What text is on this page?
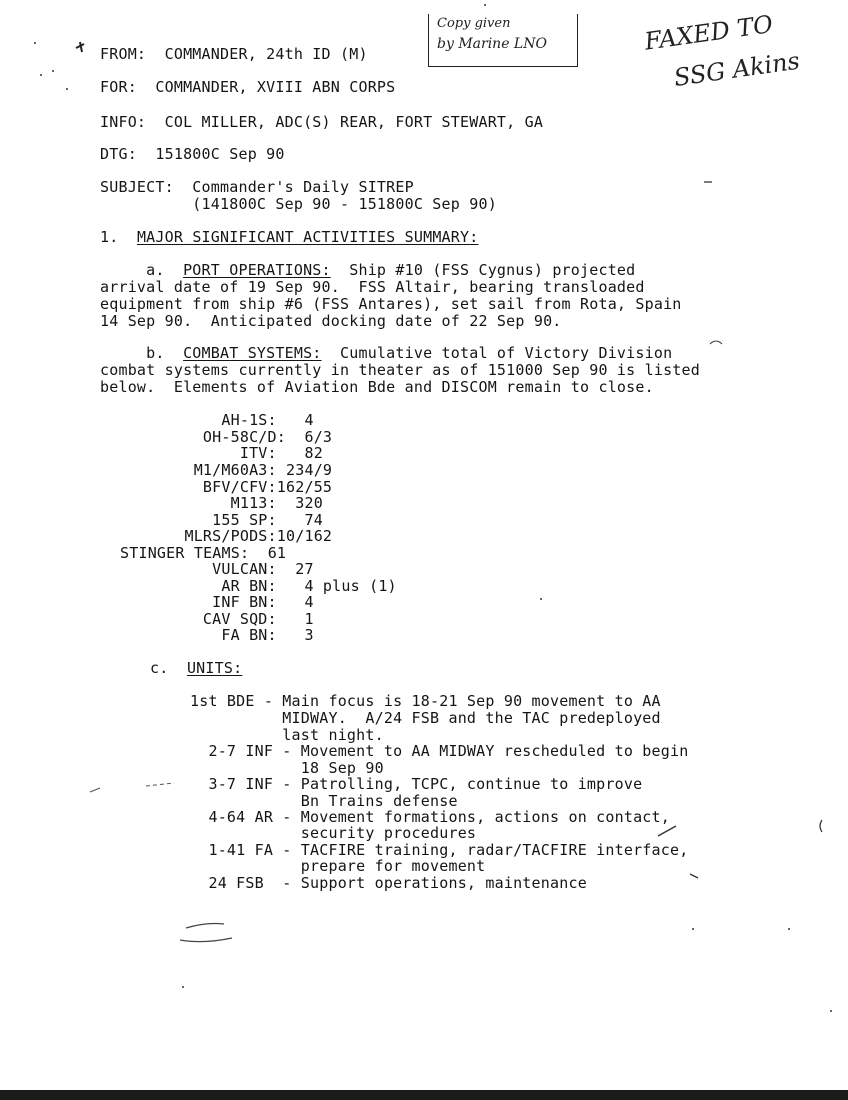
FROM:  COMMANDER, 24th ID (M)
FOR:  COMMANDER, XVIII ABN CORPS
INFO:  COL MILLER, ADC(S) REAR, FORT STEWART, GA
DTG:  151800C Sep 90
SUBJECT:  Commander's Daily SITREP
(141800C Sep 90 - 151800C Sep 90)
Copy given
by Marine LNO	FAXED TO
SSG Akins
1.  MAJOR SIGNIFICANT ACTIVITIES SUMMARY:
a.  PORT OPERATIONS:  Ship #10 (FSS Cygnus) projected
arrival date of 19 Sep 90.  FSS Altair, bearing transloaded
equipment from ship #6 (FSS Antares), set sail from Rota, Spain
14 Sep 90.  Anticipated docking date of 22 Sep 90.
b.  COMBAT SYSTEMS:  Cumulative total of Victory Division
combat systems currently in theater as of 151000 Sep 90 is listed
below.  Elements of Aviation Bde and DISCOM remain to close.
AH-1S:   4
OH-58C/D:  6/3
ITV:   82
M1/M60A3: 234/9
BFV/CFV:162/55
M113:  320
155 SP:   74
MLRS/PODS:10/162
STINGER TEAMS:  61
VULCAN:  27
AR BN:   4 plus (1)
INF BN:   4
CAV SQD:   1
FA BN:   3
c.  UNITS:
1st BDE - Main focus is 18-21 Sep 90 movement to AA
MIDWAY.  A/24 FSB and the TAC predeployed
last night.
2-7 INF - Movement to AA MIDWAY rescheduled to begin
18 Sep 90
3-7 INF - Patrolling, TCPC, continue to improve
Bn Trains defense
4-64 AR - Movement formations, actions on contact,
security procedures
1-41 FA - TACFIRE training, radar/TACFIRE interface,
prepare for movement
24 FSB  - Support operations, maintenance
